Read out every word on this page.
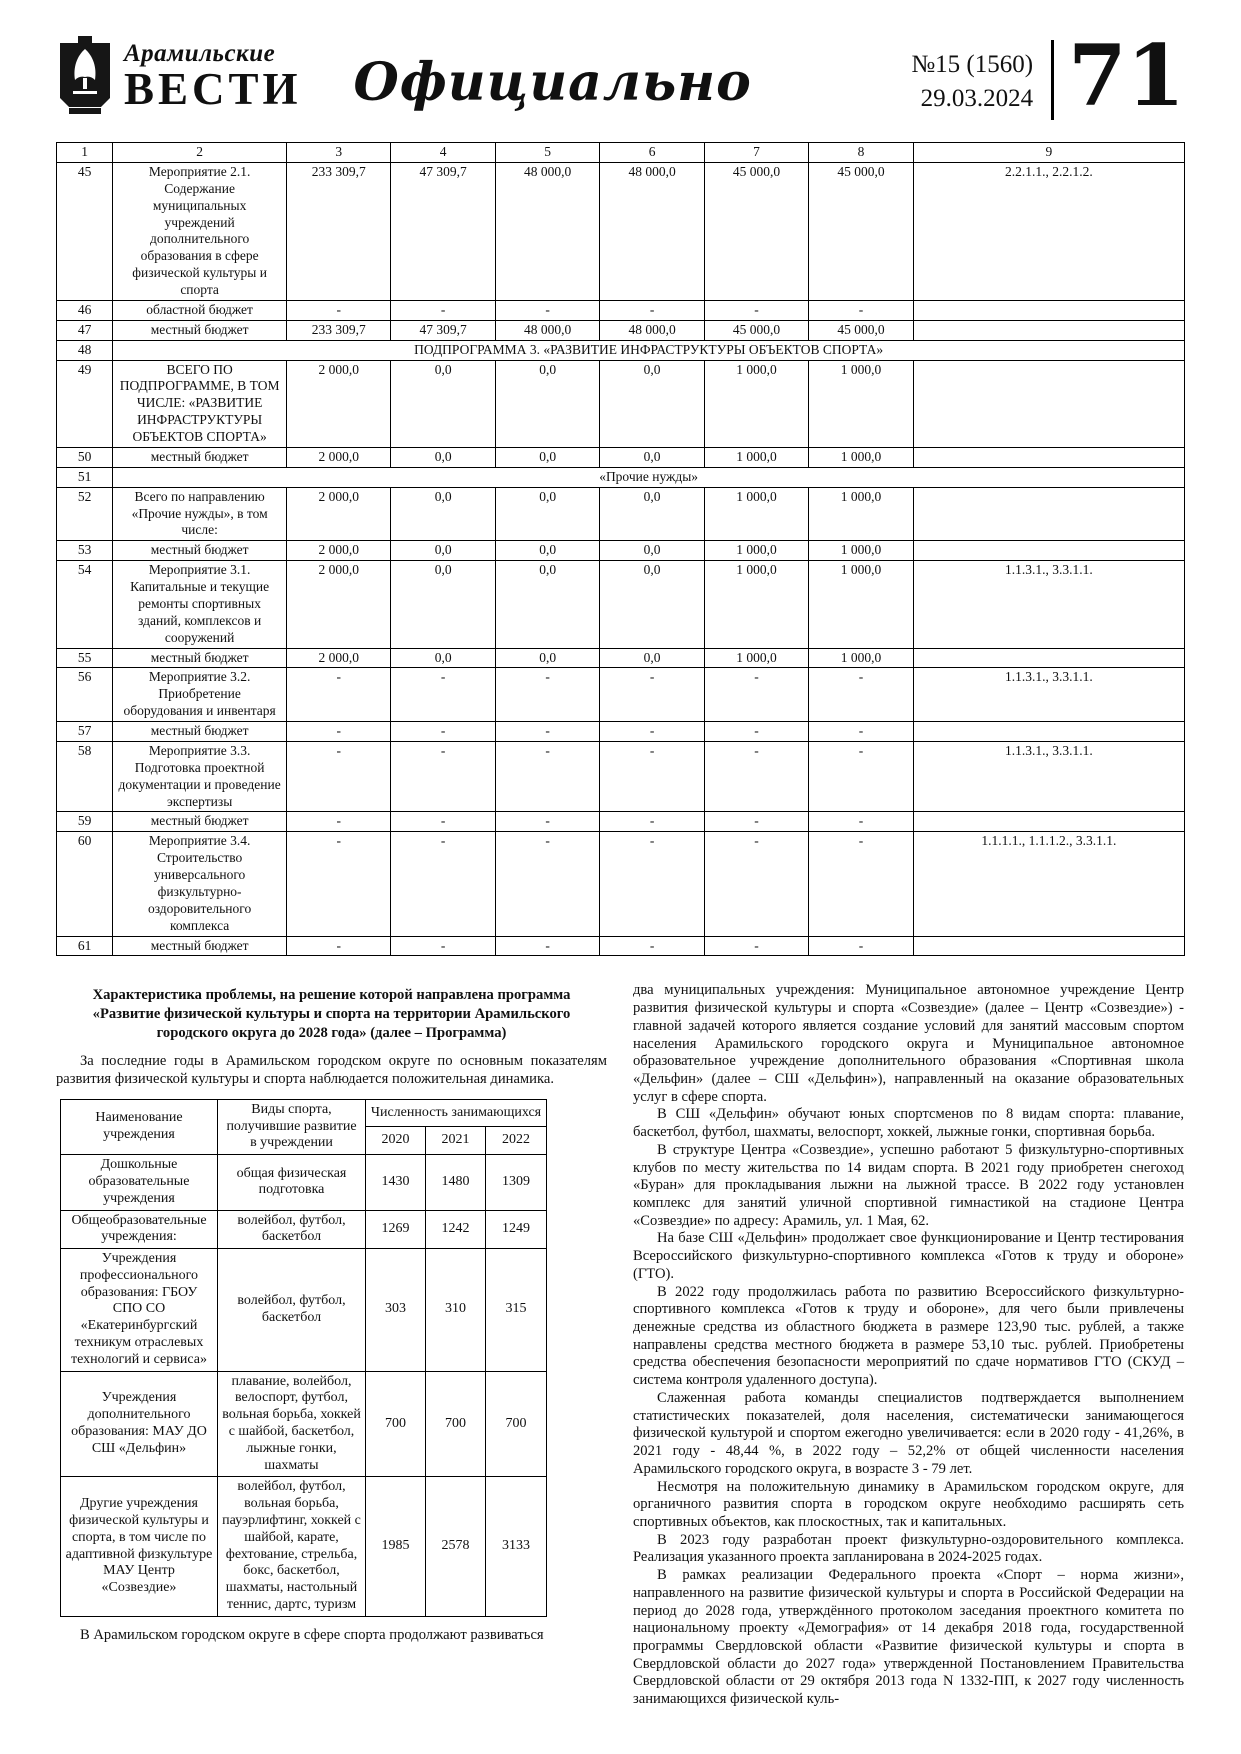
Арамильские
ВЕСТИ Официально	№15 (1560)
29.03.2024 71
1	2	3	4	5	6	7	8	9
45	Мероприятие 2.1. Содержание муниципальных учреждений дополнительного образования в сфере физической культуры и спорта	233 309,7	47 309,7	48 000,0	48 000,0	45 000,0	45 000,0	2.2.1.1., 2.2.1.2.
46	областной бюджет	-	-	-	-	-	-	
47	местный бюджет	233 309,7	47 309,7	48 000,0	48 000,0	45 000,0	45 000,0	
48	ПОДПРОГРАММА 3. «РАЗВИТИЕ ИНФРАСТРУКТУРЫ ОБЪЕКТОВ СПОРТА»							
49	ВСЕГО ПО ПОДПРОГРАММЕ, В ТОМ ЧИСЛЕ: «РАЗВИТИЕ ИНФРАСТРУКТУРЫ ОБЪЕКТОВ СПОРТА»	2 000,0	0,0	0,0	0,0	1 000,0	1 000,0	
50	местный бюджет	2 000,0	0,0	0,0	0,0	1 000,0	1 000,0	
51	«Прочие нужды»							
52	Всего по направлению «Прочие нужды», в том числе:	2 000,0	0,0	0,0	0,0	1 000,0	1 000,0	
53	местный бюджет	2 000,0	0,0	0,0	0,0	1 000,0	1 000,0	
54	Мероприятие 3.1. Капитальные и текущие ремонты спортивных зданий, комплексов и сооружений	2 000,0	0,0	0,0	0,0	1 000,0	1 000,0	1.1.3.1., 3.3.1.1.
55	местный бюджет	2 000,0	0,0	0,0	0,0	1 000,0	1 000,0	
56	Мероприятие 3.2. Приобретение оборудования и инвентаря	-	-	-	-	-	-	1.1.3.1., 3.3.1.1.
57	местный бюджет	-	-	-	-	-	-	
58	Мероприятие 3.3. Подготовка проектной документации и проведение экспертизы	-	-	-	-	-	-	1.1.3.1., 3.3.1.1.
59	местный бюджет	-	-	-	-	-	-	
60	Мероприятие 3.4. Строительство универсального физкультурно-оздоровительного комплекса	-	-	-	-	-	-	1.1.1.1., 1.1.1.2., 3.3.1.1.
61	местный бюджет	-	-	-	-	-	-	
Характеристика проблемы, на решение которой направлена программа «Развитие физической культуры и спорта на территории Арамильского городского округа до 2028 года» (далее – Программа)

За последние годы в Арамильском городском округе по основным показателям развития физической культуры и спорта наблюдается положительная динамика.

Наименование учреждения	Виды спорта, получившие развитие в учреждении	Численность занимающихся		
		2020	2021	2022
Дошкольные образовательные учреждения	общая физическая подготовка	1430	1480	1309
Общеобразовательные учреждения:	волейбол, футбол, баскетбол	1269	1242	1249
Учреждения профессионального образования: ГБОУ СПО СО «Екатеринбургский техникум отраслевых технологий и сервиса»	волейбол, футбол, баскетбол	303	310	315
Учреждения дополнительного образования: МАУ ДО СШ «Дельфин»	плавание, волейбол, велоспорт, футбол, вольная борьба, хоккей с шайбой, баскетбол, лыжные гонки, шахматы	700	700	700
Другие учреждения физической культуры и спорта, в том числе по адаптивной физкультуре МАУ Центр «Созвездие»	волейбол, футбол, вольная борьба, пауэрлифтинг, хоккей с шайбой, карате, фехтование, стрельба, бокс, баскетбол, шахматы, настольный теннис, дартс, туризм	1985	2578	3133

В Арамильском городском округе в сфере спорта продолжают развиваться

два муниципальных учреждения: Муниципальное автономное учреждение Центр развития физической культуры и спорта «Созвездие» (далее – Центр «Созвездие») - главной задачей которого является создание условий для занятий массовым спортом населения Арамильского городского округа и Муниципальное автономное образовательное учреждение дополнительного образования «Спортивная школа «Дельфин» (далее – СШ «Дельфин»), направленный на оказание образовательных услуг в сфере спорта.

В СШ «Дельфин» обучают юных спортсменов по 8 видам спорта: плавание, баскетбол, футбол, шахматы, велоспорт, хоккей, лыжные гонки, спортивная борьба.

В структуре Центра «Созвездие», успешно работают 5 физкультурно-спортивных клубов по месту жительства по 14 видам спорта. В 2021 году приобретен снегоход «Буран» для прокладывания лыжни на лыжной трассе. В 2022 году установлен комплекс для занятий уличной спортивной гимнастикой на стадионе Центра «Созвездие» по адресу: Арамиль, ул. 1 Мая, 62.

На базе СШ «Дельфин» продолжает свое функционирование и Центр тестирования Всероссийского физкультурно-спортивного комплекса «Готов к труду и обороне» (ГТО).

В 2022 году продолжилась работа по развитию Всероссийского физкультурно-спортивного комплекса «Готов к труду и обороне», для чего были привлечены денежные средства из областного бюджета в размере 123,90 тыс. рублей, а также направлены средства местного бюджета в размере 53,10 тыс. рублей. Приобретены средства обеспечения безопасности мероприятий по сдаче нормативов ГТО (СКУД – система контроля удаленного доступа).

Слаженная работа команды специалистов подтверждается выполнением статистических показателей, доля населения, систематически занимающегося физической культурой и спортом ежегодно увеличивается: если в 2020 году - 41,26%, в 2021 году - 48,44 %, в 2022 году – 52,2% от общей численности населения Арамильского городского округа, в возрасте 3 - 79 лет.

Несмотря на положительную динамику в Арамильском городском округе, для органичного развития спорта в городском округе необходимо расширять сеть спортивных объектов, как плоскостных, так и капитальных.

В 2023 году разработан проект физкультурно-оздоровительного комплекса. Реализация указанного проекта запланирована в 2024-2025 годах.

В рамках реализации Федерального проекта «Спорт – норма жизни», направленного на развитие физической культуры и спорта в Российской Федерации на период до 2028 года, утверждённого протоколом заседания проектного комитета по национальному проекту «Демография» от 14 декабря 2018 года, государственной программы Свердловской области «Развитие физической культуры и спорта в Свердловской области до 2027 года» утвержденной Постановлением Правительства Свердловской области от 29 октября 2013 года N 1332-ПП, к 2027 году численность занимающихся физической куль-
